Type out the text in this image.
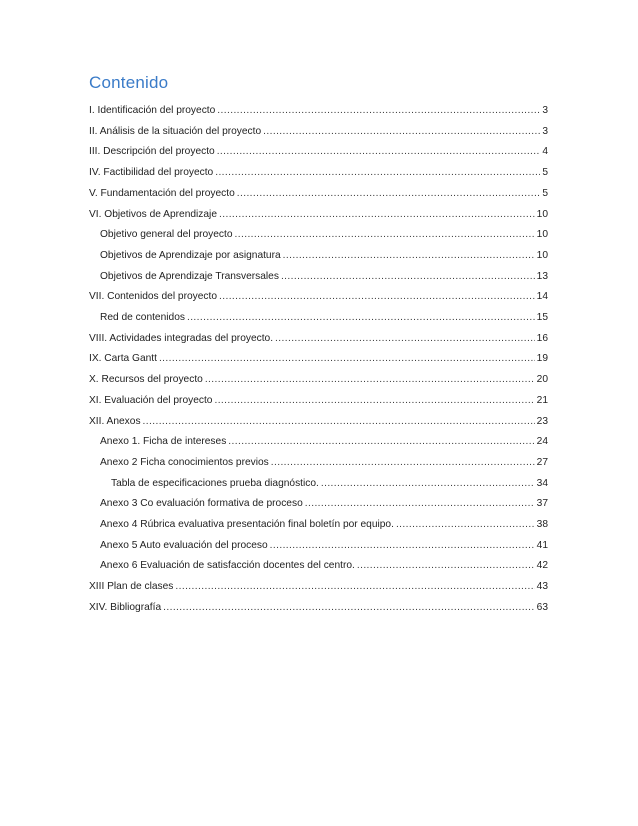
Contenido
I. Identificación del proyecto .....	3
II. Análisis de la situación del proyecto .....	3
III. Descripción del proyecto .....	4
IV. Factibilidad del proyecto .....	5
V. Fundamentación del proyecto .....	5
VI. Objetivos de Aprendizaje .....	10
Objetivo general del proyecto .....	10
Objetivos de Aprendizaje por asignatura .....	10
Objetivos de Aprendizaje Transversales .....	13
VII. Contenidos del proyecto .....	14
Red de contenidos .....	15
VIII. Actividades integradas del proyecto. .....	16
IX. Carta Gantt .....	19
X. Recursos del proyecto .....	20
XI. Evaluación del proyecto .....	21
XII. Anexos .....	23
Anexo 1. Ficha de intereses .....	24
Anexo 2 Ficha conocimientos previos .....	27
Tabla de especificaciones prueba diagnóstico. .....	34
Anexo 3 Co evaluación formativa de proceso .....	37
Anexo 4 Rúbrica evaluativa presentación final boletín por equipo. .....	38
Anexo 5 Auto evaluación del proceso .....	41
Anexo 6 Evaluación de satisfacción docentes del centro. .....	42
XIII Plan de clases .....	43
XIV. Bibliografía .....	63
